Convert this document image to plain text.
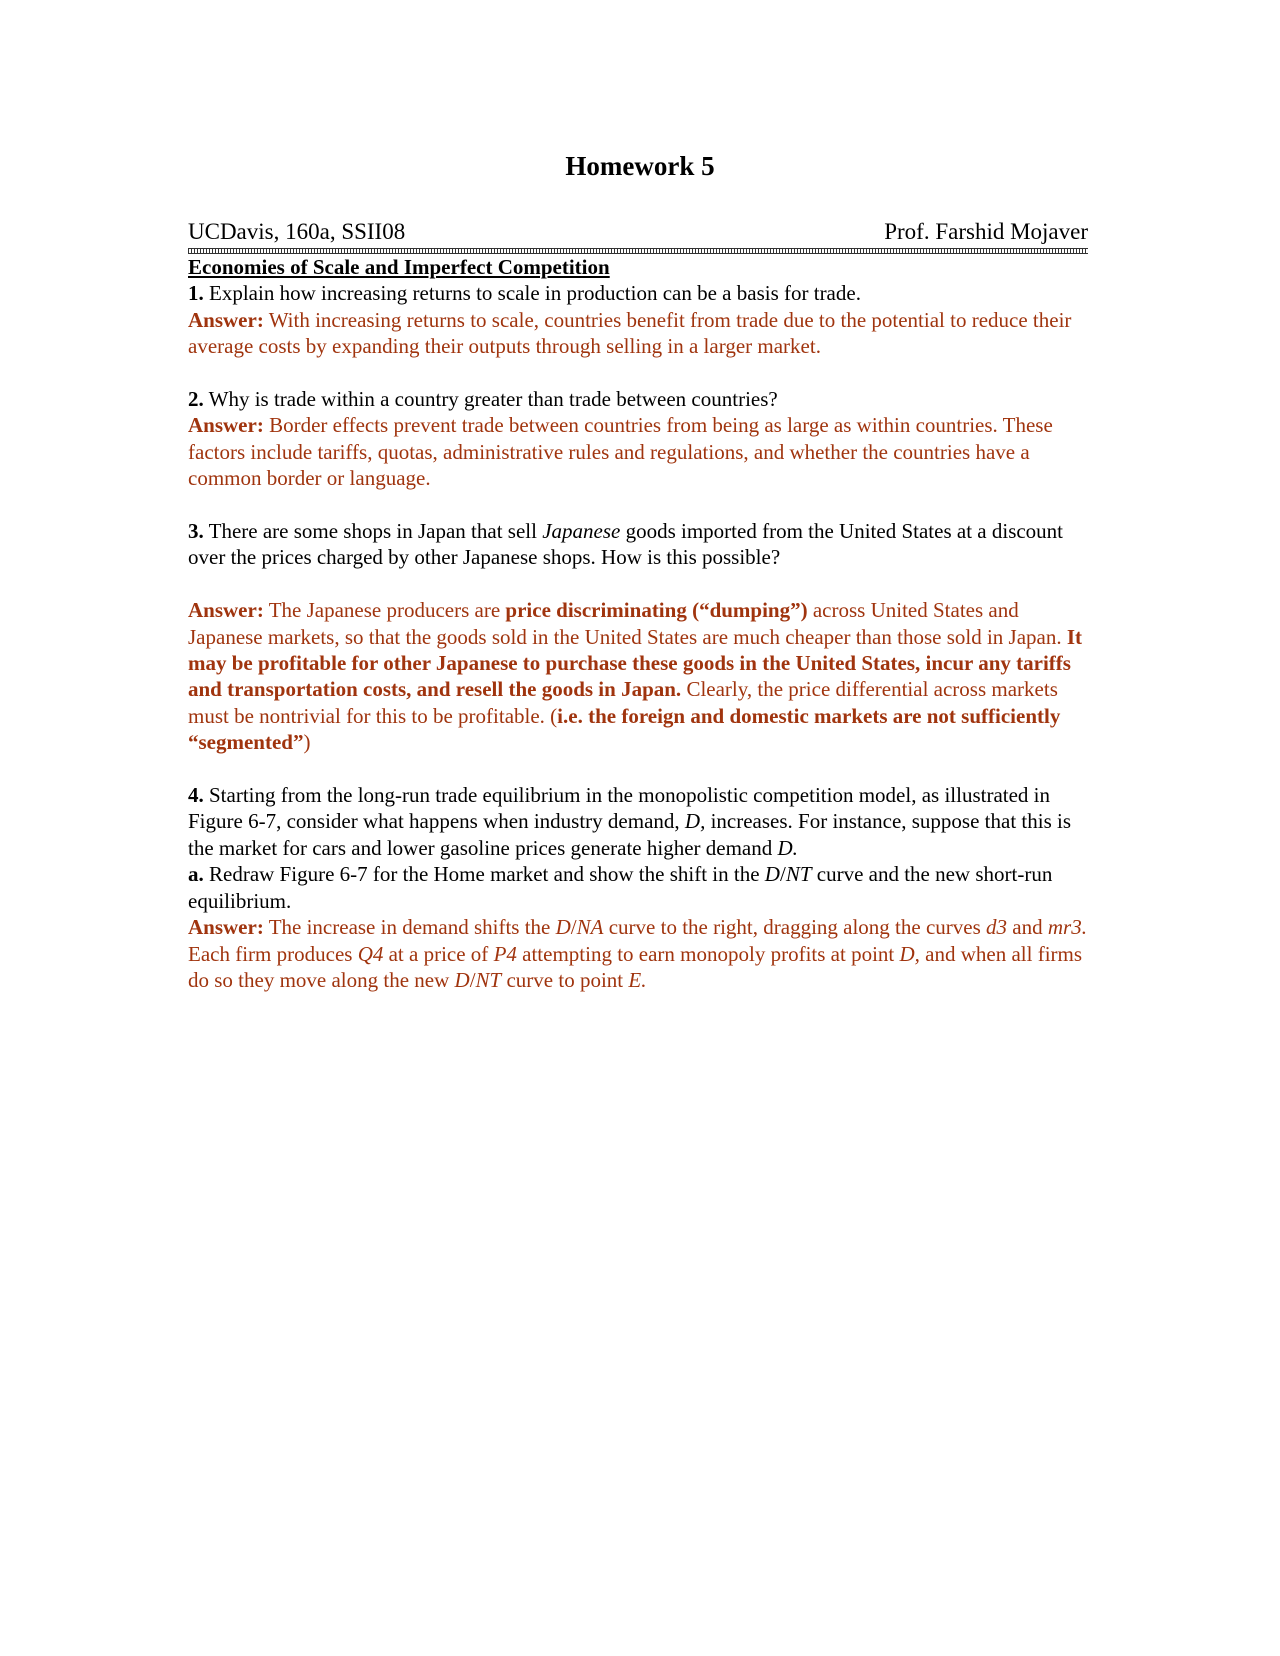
Homework 5
UCDavis, 160a, SSII08	Prof. Farshid Mojaver

Economies of Scale and Imperfect Competition

1. Explain how increasing returns to scale in production can be a basis for trade.

Answer: With increasing returns to scale, countries benefit from trade due to the potential to reduce their average costs by expanding their outputs through selling in a larger market.

2. Why is trade within a country greater than trade between countries?

Answer: Border effects prevent trade between countries from being as large as within countries. These factors include tariffs, quotas, administrative rules and regulations, and whether the countries have a common border or language.

3. There are some shops in Japan that sell Japanese goods imported from the United States at a discount over the prices charged by other Japanese shops. How is this possible?

Answer: The Japanese producers are price discriminating (“dumping”) across United States and Japanese markets, so that the goods sold in the United States are much cheaper than those sold in Japan. It may be profitable for other Japanese to purchase these goods in the United States, incur any tariffs and transportation costs, and resell the goods in Japan. Clearly, the price differential across markets must be nontrivial for this to be profitable. (i.e. the foreign and domestic markets are not sufficiently “segmented”)

4. Starting from the long-run trade equilibrium in the monopolistic competition model, as illustrated in Figure 6-7, consider what happens when industry demand, D, increases. For instance, suppose that this is the market for cars and lower gasoline prices generate higher demand D.

a. Redraw Figure 6-7 for the Home market and show the shift in the D/NT curve and the new short-run equilibrium.

Answer: The increase in demand shifts the D/NA curve to the right, dragging along the curves d3 and mr3. Each firm produces Q4 at a price of P4 attempting to earn monopoly profits at point D, and when all firms do so they move along the new D/NT curve to point E.
